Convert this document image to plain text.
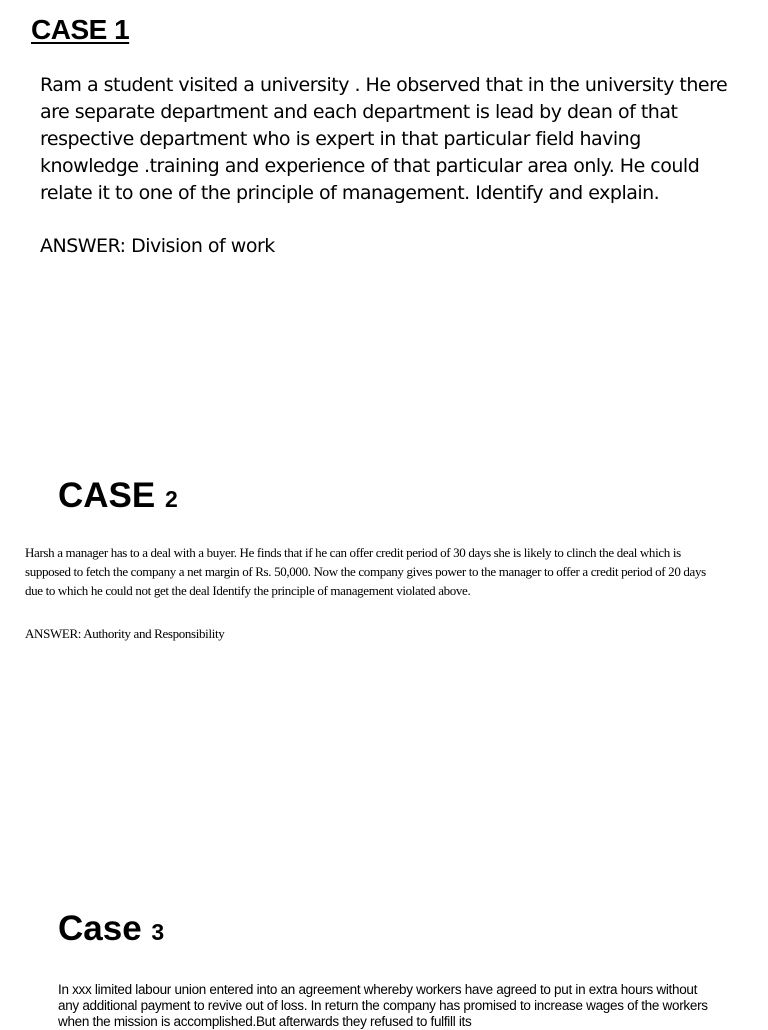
CASE 1

Ram a student visited a university . He observed that in the university there are separate department and each department is lead by dean of that respective department who is expert in that particular field having knowledge .training and experience of that particular area only. He could relate it to one of the principle of management. Identify and explain.

ANSWER: Division of work

CASE 2

Harsh a manager has to a deal with a buyer. He finds that if he can offer credit period of 30 days she is likely to clinch the deal which is supposed to fetch the company a net margin of Rs. 50,000. Now the company gives power to the manager to offer a credit period of 20 days due to which he could not get the deal Identify the principle of management violated above.

ANSWER: Authority and Responsibility

Case 3

In xxx limited labour union entered into an agreement whereby workers have agreed to put in extra hours without any additional payment to revive out of loss. In return the company has promised to increase wages of the workers when the mission is accomplished.But afterwards they refused to fulfill its
